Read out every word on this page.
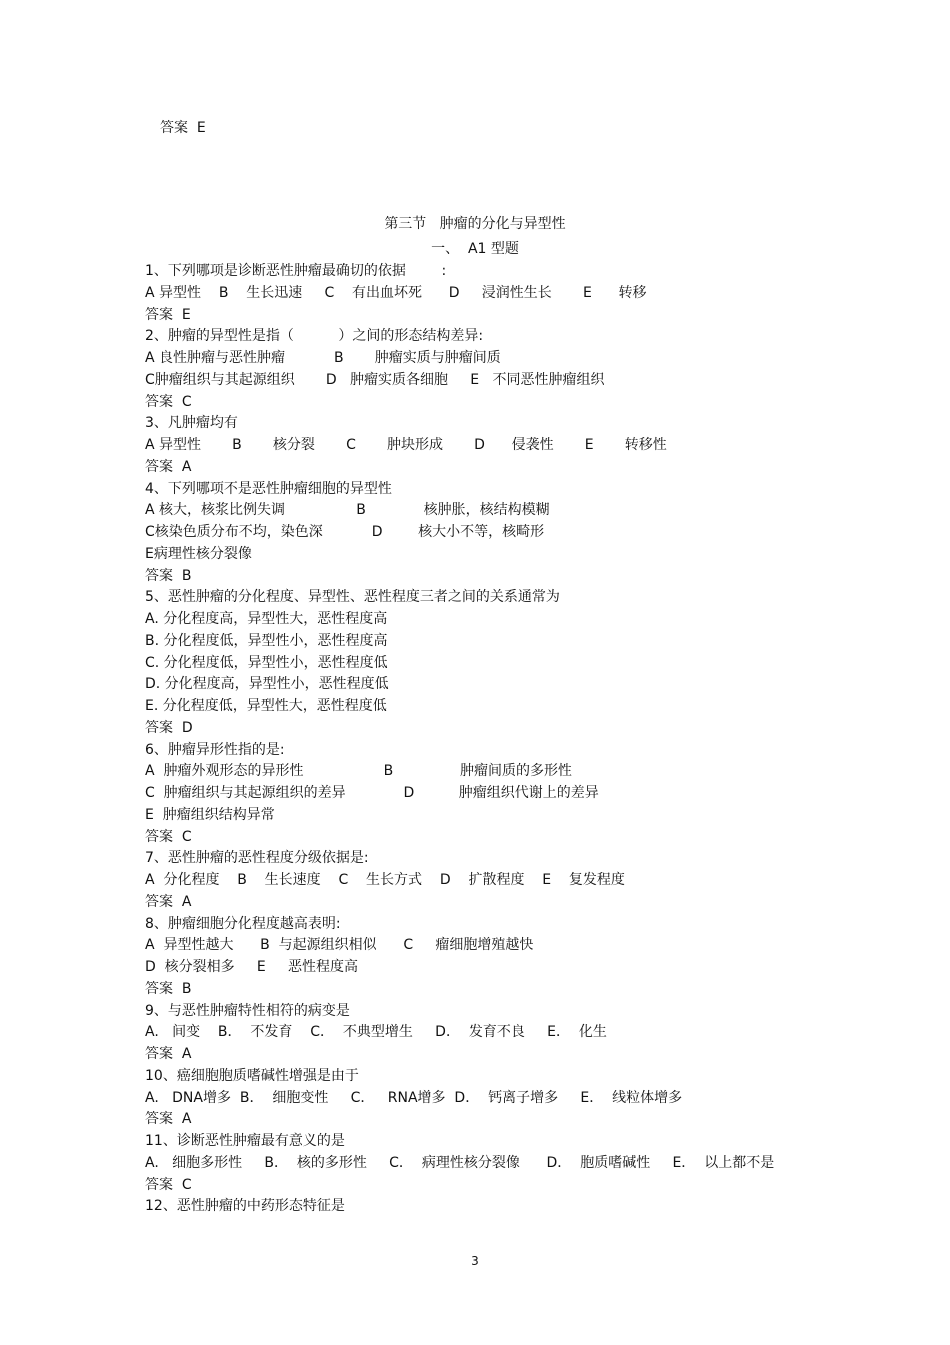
答案  E
第三节   肿瘤的分化与异型性
一、  A1 型题
1、下列哪项是诊断恶性肿瘤最确切的依据        :
A 异型性    B    生长迅速     C    有出血坏死      D     浸润性生长       E      转移
答案  E
2、肿瘤的异型性是指（          ）之间的形态结构差异:
A 良性肿瘤与恶性肿瘤           B       肿瘤实质与肿瘤间质
C肿瘤组织与其起源组织       D   肿瘤实质各细胞     E   不同恶性肿瘤组织
答案  C
3、凡肿瘤均有
A 异型性       B       核分裂       C       肿块形成       D      侵袭性       E       转移性
答案  A
4、下列哪项不是恶性肿瘤细胞的异型性
A 核大，核浆比例失调                B             核肿胀，核结构模糊
C核染色质分布不均，染色深           D        核大小不等，核畸形
E病理性核分裂像
答案  B
5、恶性肿瘤的分化程度、异型性、恶性程度三者之间的关系通常为
A. 分化程度高，异型性大，恶性程度高
B. 分化程度低，异型性小，恶性程度高
C. 分化程度低，异型性小，恶性程度低
D. 分化程度高，异型性小，恶性程度低
E. 分化程度低，异型性大，恶性程度低
答案  D
6、肿瘤异形性指的是:
A  肿瘤外观形态的异形性                  B               肿瘤间质的多形性
C  肿瘤组织与其起源组织的差异             D          肿瘤组织代谢上的差异
E  肿瘤组织结构异常
答案  C
7、恶性肿瘤的恶性程度分级依据是:
A  分化程度    B    生长速度    C    生长方式    D    扩散程度    E    复发程度
答案  A
8、肿瘤细胞分化程度越高表明:
A  异型性越大      B  与起源组织相似      C     瘤细胞增殖越快
D  核分裂相多     E     恶性程度高
答案  B
9、与恶性肿瘤特性相符的病变是
A.   间变    B．  不发育    C．  不典型增生     D．  发育不良     E．  化生
答案  A
10、癌细胞胞质嗜碱性增强是由于
A.   DNA增多  B．  细胞变性     C．   RNA增多  D．  钙离子增多     E．  线粒体增多
答案  A
11、诊断恶性肿瘤最有意义的是
A.   细胞多形性     B．  核的多形性     C．  病理性核分裂像      D．  胞质嗜碱性     E．  以上都不是
答案  C
12、恶性肿瘤的中药形态特征是
3
